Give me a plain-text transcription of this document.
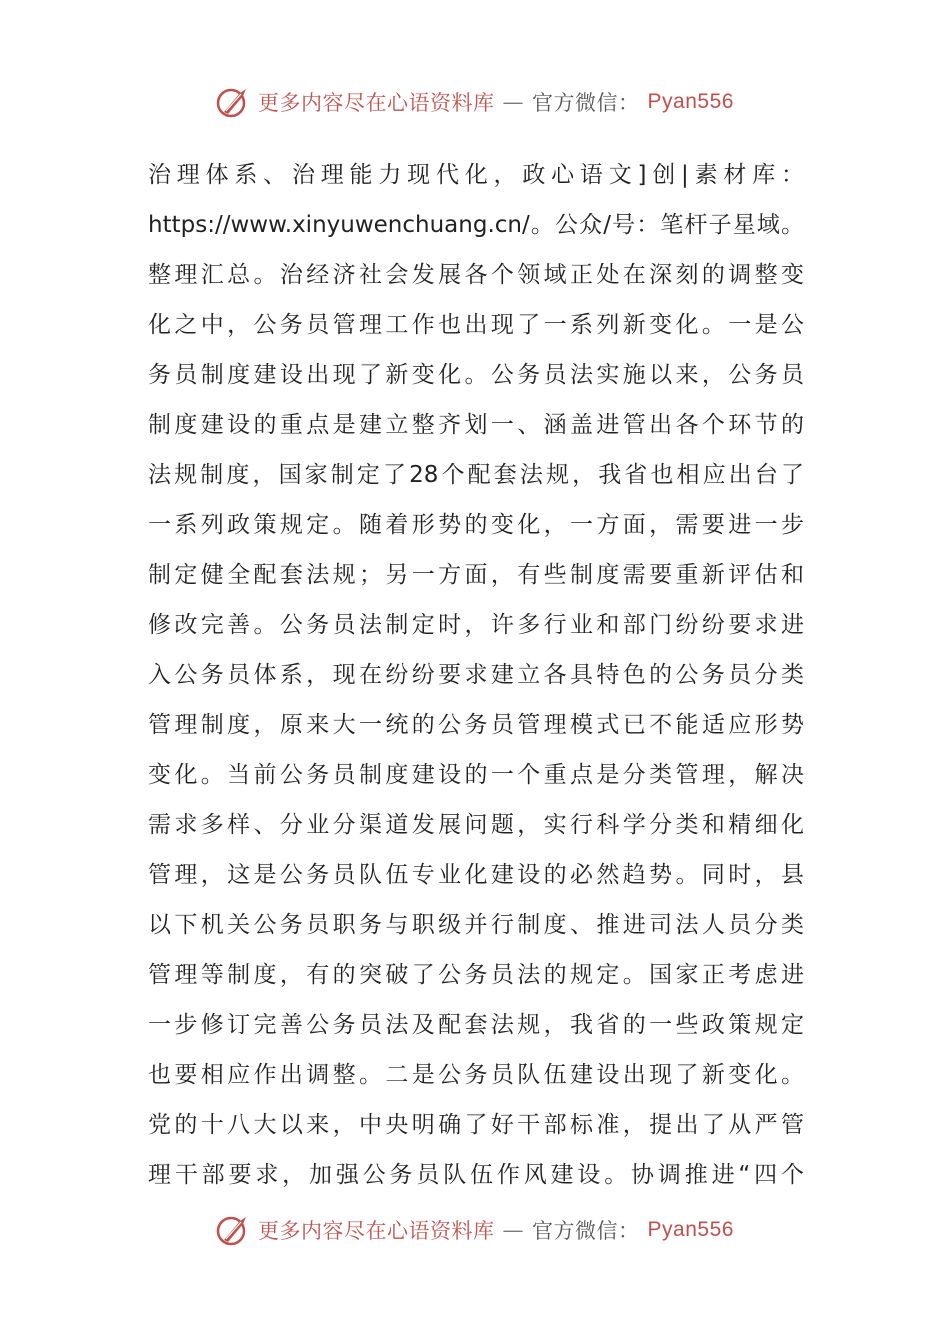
更多内容尽在心语资料库 — 官方微信： Pyan556
治理体系、治理能力现代化，政心语文]创|素材库：
https://www.xinyuwenchuang.cn/。公众/号：笔杆子星域。
整理汇总。治经济社会发展各个领域正处在深刻的调整变
化之中，公务员管理工作也出现了一系列新变化。一是公
务员制度建设出现了新变化。公务员法实施以来，公务员
制度建设的重点是建立整齐划一、涵盖进管出各个环节的
法规制度，国家制定了28个配套法规，我省也相应出台了
一系列政策规定。随着形势的变化，一方面，需要进一步
制定健全配套法规；另一方面，有些制度需要重新评估和
修改完善。公务员法制定时，许多行业和部门纷纷要求进
入公务员体系，现在纷纷要求建立各具特色的公务员分类
管理制度，原来大一统的公务员管理模式已不能适应形势
变化。当前公务员制度建设的一个重点是分类管理，解决
需求多样、分业分渠道发展问题，实行科学分类和精细化
管理，这是公务员队伍专业化建设的必然趋势。同时，县
以下机关公务员职务与职级并行制度、推进司法人员分类
管理等制度，有的突破了公务员法的规定。国家正考虑进
一步修订完善公务员法及配套法规，我省的一些政策规定
也要相应作出调整。二是公务员队伍建设出现了新变化。
党的十八大以来，中央明确了好干部标准，提出了从严管
理干部要求，加强公务员队伍作风建设。协调推进“四个
更多内容尽在心语资料库 — 官方微信： Pyan556
